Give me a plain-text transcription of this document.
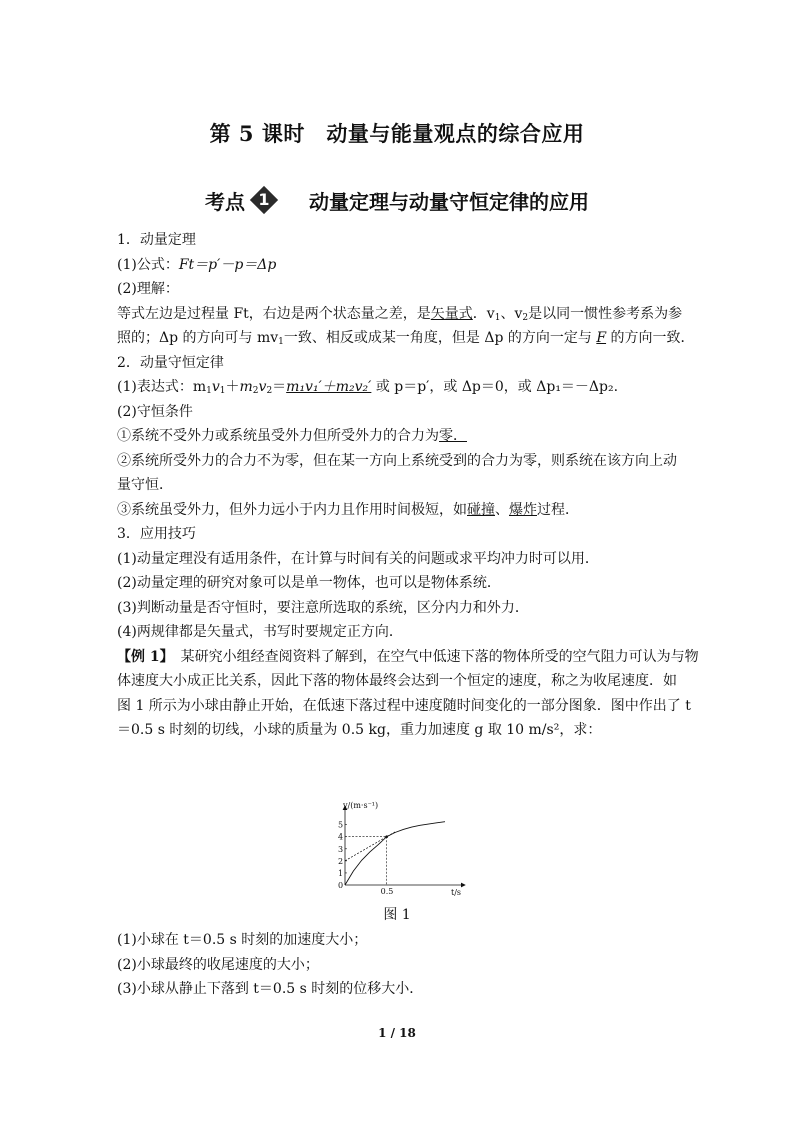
第 5 课时　动量与能量观点的综合应用
考点 1	动量定理与动量守恒定律的应用
1．动量定理
(1)公式：Ft＝p′－p＝Δp
(2)理解：
等式左边是过程量 Ft，右边是两个状态量之差，是矢量式．$v_1$、$v_2$是以同一惯性参考系为参
照的；Δp 的方向可与 $mv_1$一致、相反或成某一角度，但是 Δp 的方向一定与 F 的方向一致．
2．动量守恒定律
(1)表达式：$m_1v_1+m_2v_2=m_1v_1'+m_2v_2'$ 或 p＝p′，或 Δp＝0，或 Δp₁＝－Δp₂.
(2)守恒条件
①系统不受外力或系统虽受外力但所受外力的合力为零．
②系统所受外力的合力不为零，但在某一方向上系统受到的合力为零，则系统在该方向上动
量守恒．
③系统虽受外力，但外力远小于内力且作用时间极短，如碰撞、爆炸过程．
3．应用技巧
(1)动量定理没有适用条件，在计算与时间有关的问题或求平均冲力时可以用．
(2)动量定理的研究对象可以是单一物体，也可以是物体系统．
(3)判断动量是否守恒时，要注意所选取的系统，区分内力和外力．
(4)两规律都是矢量式，书写时要规定正方向．
【例 1】　 某研究小组经查阅资料了解到，在空气中低速下落的物体所受的空气阻力可认为与物
体速度大小成正比关系，因此下落的物体最终会达到一个恒定的速度，称之为收尾速度．如
图 1 所示为小球由静止开始，在低速下落过程中速度随时间变化的一部分图象．图中作出了 t
＝0.5 s 时刻的切线，小球的质量为 0.5 kg，重力加速度 g 取 10 m/s²，求：
v/(m·s⁻¹)
t/s
0
1
2
3
4
5
0.5
图 1
(1)小球在 t＝0.5 s 时刻的加速度大小；
(2)小球最终的收尾速度的大小；
(3)小球从静止下落到 t＝0.5 s 时刻的位移大小．
1 / 18
